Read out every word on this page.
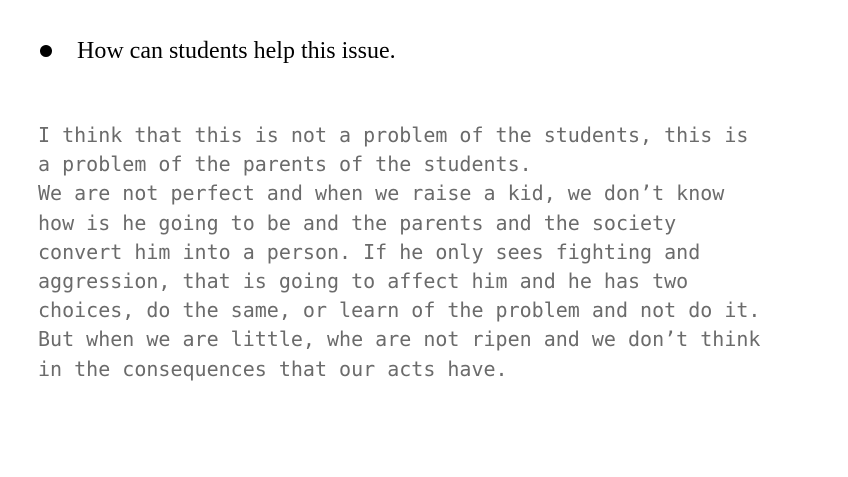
How can students help this issue.
I think that this is not a problem of the students, this is
a problem of the parents of the students.
We are not perfect and when we raise a kid, we don’t know
how is he going to be and the parents and the society
convert him into a person. If he only sees fighting and
aggression, that is going to affect him and he has two
choices, do the same, or learn of the problem and not do it.
But when we are little, whe are not ripen and we don’t think
in the consequences that our acts have.
